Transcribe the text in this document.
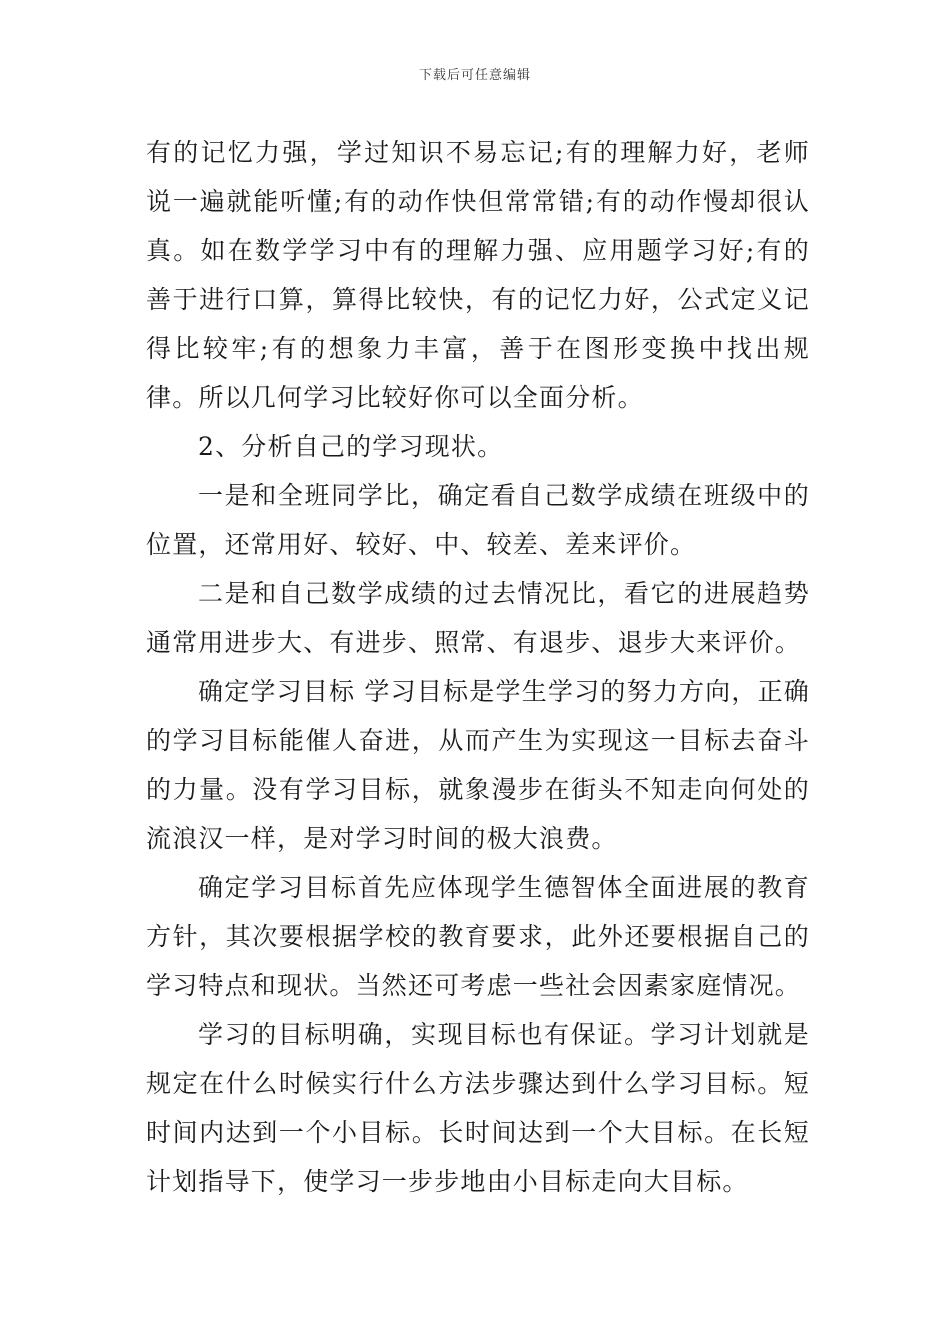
下载后可任意编辑

有的记忆力强，学过知识不易忘记;有的理解力好，老师说一遍就能听懂;有的动作快但常常错;有的动作慢却很认真。如在数学学习中有的理解力强、应用题学习好;有的善于进行口算，算得比较快，有的记忆力好，公式定义记得比较牢;有的想象力丰富，善于在图形变换中找出规律。所以几何学习比较好你可以全面分析。

2、分析自己的学习现状。

一是和全班同学比，确定看自己数学成绩在班级中的位置，还常用好、较好、中、较差、差来评价。

二是和自己数学成绩的过去情况比，看它的进展趋势通常用进步大、有进步、照常、有退步、退步大来评价。

确定学习目标 学习目标是学生学习的努力方向，正确的学习目标能催人奋进，从而产生为实现这一目标去奋斗的力量。没有学习目标，就象漫步在街头不知走向何处的流浪汉一样，是对学习时间的极大浪费。

确定学习目标首先应体现学生德智体全面进展的教育方针，其次要根据学校的教育要求，此外还要根据自己的学习特点和现状。当然还可考虑一些社会因素家庭情况。

学习的目标明确，实现目标也有保证。学习计划就是规定在什么时候实行什么方法步骤达到什么学习目标。短时间内达到一个小目标。长时间达到一个大目标。在长短计划指导下，使学习一步步地由小目标走向大目标。
